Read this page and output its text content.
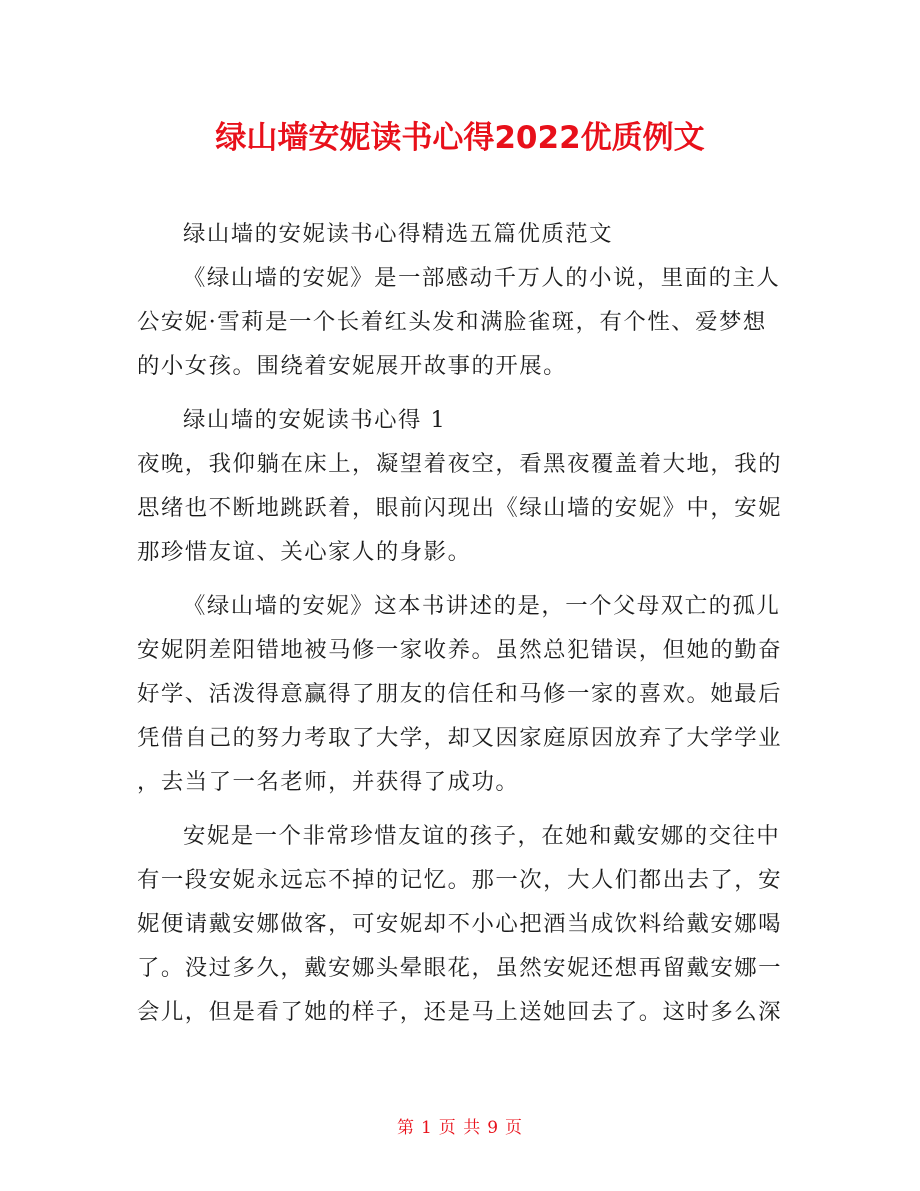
绿山墙安妮读书心得2022优质例文
绿山墙的安妮读书心得精选五篇优质范文
《绿山墙的安妮》是一部感动千万人的小说，里面的主人
公安妮·雪莉是一个长着红头发和满脸雀斑，有个性、爱梦想
的小女孩。围绕着安妮展开故事的开展。
绿山墙的安妮读书心得 1
夜晚，我仰躺在床上，凝望着夜空，看黑夜覆盖着大地，我的
思绪也不断地跳跃着，眼前闪现出《绿山墙的安妮》中，安妮
那珍惜友谊、关心家人的身影。
《绿山墙的安妮》这本书讲述的是，一个父母双亡的孤儿
安妮阴差阳错地被马修一家收养。虽然总犯错误，但她的勤奋
好学、活泼得意赢得了朋友的信任和马修一家的喜欢。她最后
凭借自己的努力考取了大学，却又因家庭原因放弃了大学学业
，去当了一名老师，并获得了成功。
安妮是一个非常珍惜友谊的孩子，在她和戴安娜的交往中
有一段安妮永远忘不掉的记忆。那一次，大人们都出去了，安
妮便请戴安娜做客，可安妮却不小心把酒当成饮料给戴安娜喝
了。没过多久，戴安娜头晕眼花，虽然安妮还想再留戴安娜一
会儿，但是看了她的样子，还是马上送她回去了。这时多么深
第 1 页 共 9 页
